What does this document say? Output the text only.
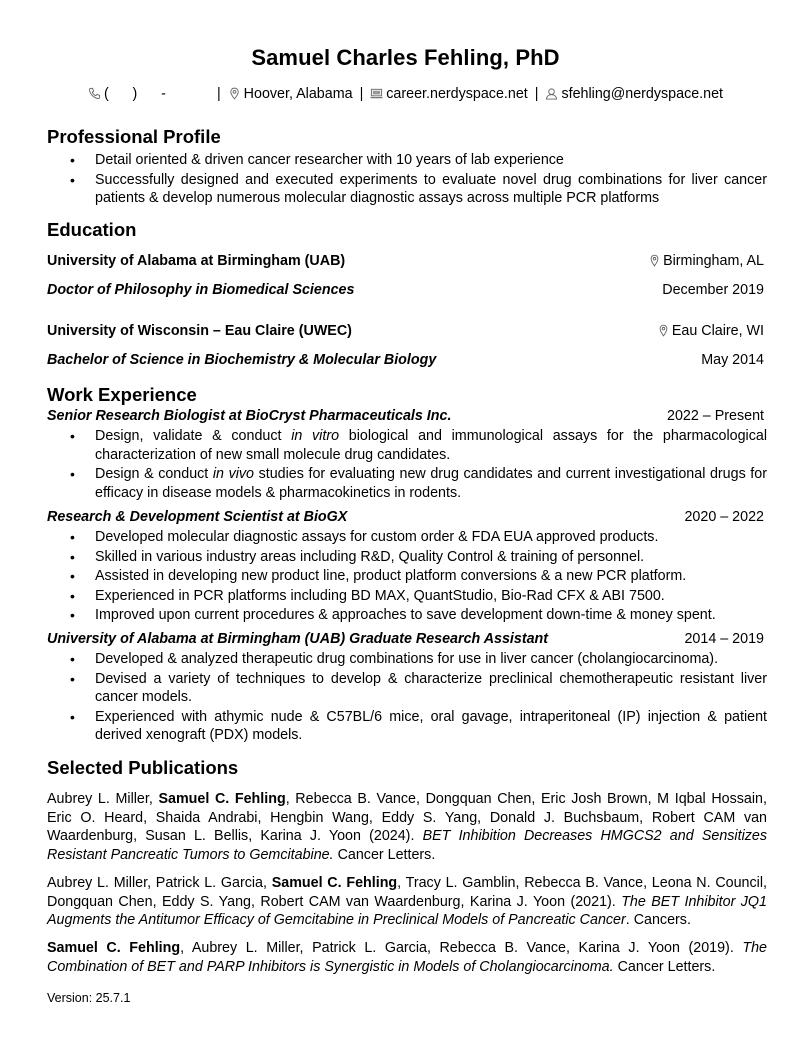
Samuel Charles Fehling, PhD
(      )      -	| Hoover, Alabama | career.nerdyspace.net | sfehling@nerdyspace.net
Professional Profile
• Detail oriented & driven cancer researcher with 10 years of lab experience
• Successfully designed and executed experiments to evaluate novel drug combinations for liver cancer patients & develop numerous molecular diagnostic assays across multiple PCR platforms
Education
University of Alabama at Birmingham (UAB)	Birmingham, AL
Doctor of Philosophy in Biomedical Sciences	December 2019
University of Wisconsin – Eau Claire (UWEC)	Eau Claire, WI
Bachelor of Science in Biochemistry & Molecular Biology	May 2014
Work Experience
Senior Research Biologist at BioCryst Pharmaceuticals Inc.	2022 – Present
• Design, validate & conduct in vitro biological and immunological assays for the pharmacological characterization of new small molecule drug candidates.
• Design & conduct in vivo studies for evaluating new drug candidates and current investigational drugs for efficacy in disease models & pharmacokinetics in rodents.
Research & Development Scientist at BioGX	2020 – 2022
• Developed molecular diagnostic assays for custom order & FDA EUA approved products.
• Skilled in various industry areas including R&D, Quality Control & training of personnel.
• Assisted in developing new product line, product platform conversions & a new PCR platform.
• Experienced in PCR platforms including BD MAX, QuantStudio, Bio-Rad CFX & ABI 7500.
• Improved upon current procedures & approaches to save development down-time & money spent.
University of Alabama at Birmingham (UAB) Graduate Research Assistant	2014 – 2019
• Developed & analyzed therapeutic drug combinations for use in liver cancer (cholangiocarcinoma).
• Devised a variety of techniques to develop & characterize preclinical chemotherapeutic resistant liver cancer models.
• Experienced with athymic nude & C57BL/6 mice, oral gavage, intraperitoneal (IP) injection & patient derived xenograft (PDX) models.
Selected Publications
Aubrey L. Miller, Samuel C. Fehling, Rebecca B. Vance, Dongquan Chen, Eric Josh Brown, M Iqbal Hossain, Eric O. Heard, Shaida Andrabi, Hengbin Wang, Eddy S. Yang, Donald J. Buchsbaum, Robert CAM van Waardenburg, Susan L. Bellis, Karina J. Yoon (2024). BET Inhibition Decreases HMGCS2 and Sensitizes Resistant Pancreatic Tumors to Gemcitabine. Cancer Letters.
Aubrey L. Miller, Patrick L. Garcia, Samuel C. Fehling, Tracy L. Gamblin, Rebecca B. Vance, Leona N. Council, Dongquan Chen, Eddy S. Yang, Robert CAM van Waardenburg, Karina J. Yoon (2021). The BET Inhibitor JQ1 Augments the Antitumor Efficacy of Gemcitabine in Preclinical Models of Pancreatic Cancer. Cancers.
Samuel C. Fehling, Aubrey L. Miller, Patrick L. Garcia, Rebecca B. Vance, Karina J. Yoon (2019). The Combination of BET and PARP Inhibitors is Synergistic in Models of Cholangiocarcinoma. Cancer Letters.
Version: 25.7.1
